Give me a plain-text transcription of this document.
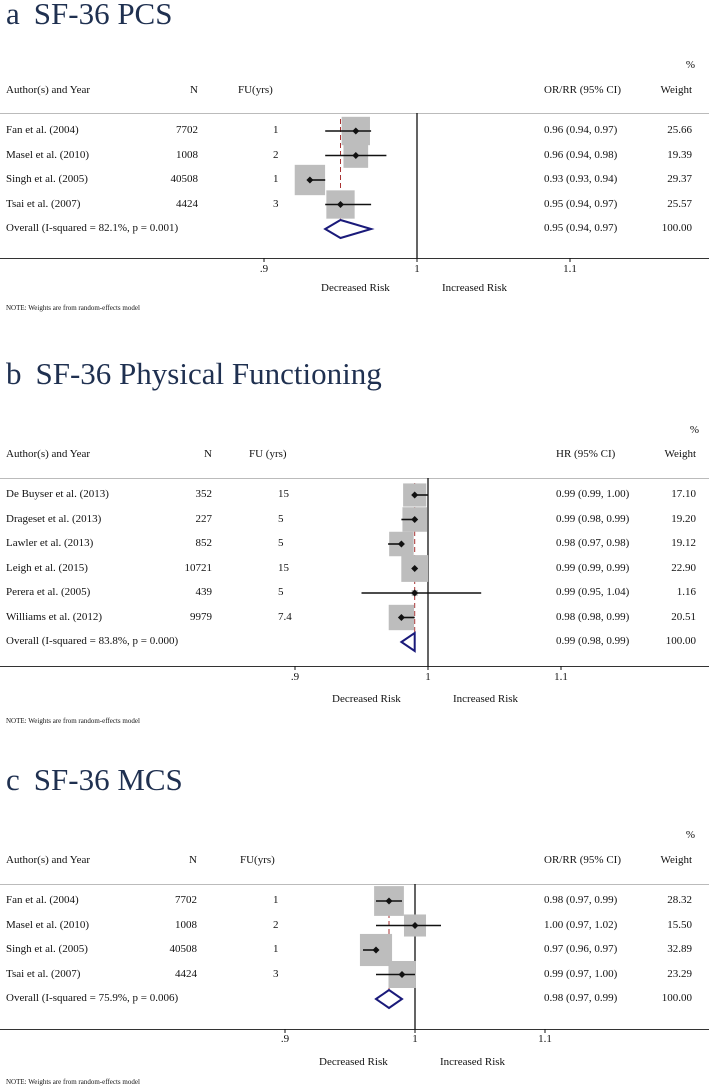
a SF-36 PCS
%
Author(s) and Year	N	FU(yrs)	OR/RR (95% CI)	Weight
Fan et al. (2004)	7702	1	0.96 (0.94, 0.97)	25.66
Masel et al. (2010)	1008	2	0.96 (0.94, 0.98)	19.39
Singh et al. (2005)	40508	1	0.93 (0.93, 0.94)	29.37
Tsai et al. (2007)	4424	3	0.95 (0.94, 0.97)	25.57
Overall (I-squared = 82.1%, p = 0.001)	0.95 (0.94, 0.97)	100.00
.9	1	1.1
Decreased Risk	Increased Risk
NOTE: Weights are from random-effects model
b SF-36 Physical Functioning
%
Author(s) and Year	N	FU (yrs)	HR (95% CI)	Weight
De Buyser et al. (2013)	352	15	0.99 (0.99, 1.00)	17.10
Drageset et al. (2013)	227	5	0.99 (0.98, 0.99)	19.20
Lawler et al. (2013)	852	5	0.98 (0.97, 0.98)	19.12
Leigh et al. (2015)	10721	15	0.99 (0.99, 0.99)	22.90
Perera et al. (2005)	439	5	0.99 (0.95, 1.04)	1.16
Williams et al. (2012)	9979	7.4	0.98 (0.98, 0.99)	20.51
Overall (I-squared = 83.8%, p = 0.000)	0.99 (0.98, 0.99)	100.00
.9	1	1.1
Decreased Risk	Increased Risk
NOTE: Weights are from random-effects model
c SF-36 MCS
%
Author(s) and Year	N	FU(yrs)	OR/RR (95% CI)	Weight
Fan et al. (2004)	7702	1	0.98 (0.97, 0.99)	28.32
Masel et al. (2010)	1008	2	1.00 (0.97, 1.02)	15.50
Singh et al. (2005)	40508	1	0.97 (0.96, 0.97)	32.89
Tsai et al. (2007)	4424	3	0.99 (0.97, 1.00)	23.29
Overall (I-squared = 75.9%, p = 0.006)	0.98 (0.97, 0.99)	100.00
.9	1	1.1
Decreased Risk	Increased Risk
NOTE: Weights are from random-effects model
